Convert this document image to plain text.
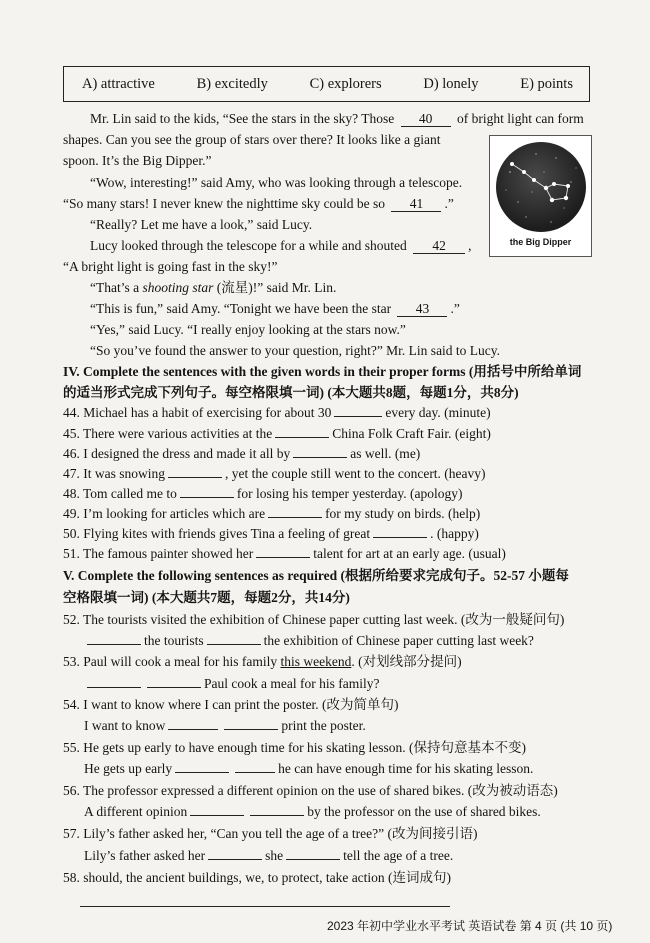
A) attractive	B) excitedly	C) explorers	D) lonely	E) points
Mr. Lin said to the kids, “See the stars in the sky? Those 40 of bright light can form
shapes. Can you see the group of stars over there? It looks like a giant
spoon. It’s the Big Dipper.”
“Wow, interesting!” said Amy, who was looking through a telescope.
“So many stars! I never knew the nighttime sky could be so 41 .”
“Really? Let me have a look,” said Lucy.
Lucy looked through the telescope for a while and shouted 42 ,
“A bright light is going fast in the sky!”
“That’s a shooting star (流星)!” said Mr. Lin.
“This is fun,” said Amy. “Tonight we have been the star 43 .”
“Yes,” said Lucy. “I really enjoy looking at the stars now.”
“So you’ve found the answer to your question, right?” Mr. Lin said to Lucy.
the Big Dipper
IV. Complete the sentences with the given words in their proper forms (用括号中所给单词
的适当形式完成下列句子。每空格限填一词) (本大题共8题，每题1分，共8分)
44. Michael has a habit of exercising for about 30	every day. (minute)
45. There were various activities at the	China Folk Craft Fair. (eight)
46. I designed the dress and made it all by	as well. (me)
47. It was snowing	, yet the couple still went to the concert. (heavy)
48. Tom called me to	for losing his temper yesterday. (apology)
49. I’m looking for articles which are	for my study on birds. (help)
50. Flying kites with friends gives Tina a feeling of great	. (happy)
51. The famous painter showed her	talent for art at an early age. (usual)
V. Complete the following sentences as required (根据所给要求完成句子。52-57 小题每
空格限填一词) (本大题共7题，每题2分，共14分)
52. The tourists visited the exhibition of Chinese paper cutting last week. (改为一般疑问句)
the tourists	the exhibition of Chinese paper cutting last week?
53. Paul will cook a meal for his family this weekend. (对划线部分提问)
Paul cook a meal for his family?
54. I want to know where I can print the poster. (改为简单句)
I want to know	print the poster.
55. He gets up early to have enough time for his skating lesson. (保持句意基本不变)
He gets up early	he can have enough time for his skating lesson.
56. The professor expressed a different opinion on the use of shared bikes. (改为被动语态)
A different opinion	by the professor on the use of shared bikes.
57. Lily’s father asked her, “Can you tell the age of a tree?” (改为间接引语)
Lily’s father asked her	she	tell the age of a tree.
58. should, the ancient buildings, we, to protect, take action (连词成句)
2023 年初中学业水平考试 英语试卷 第 4 页 (共 10 页)
